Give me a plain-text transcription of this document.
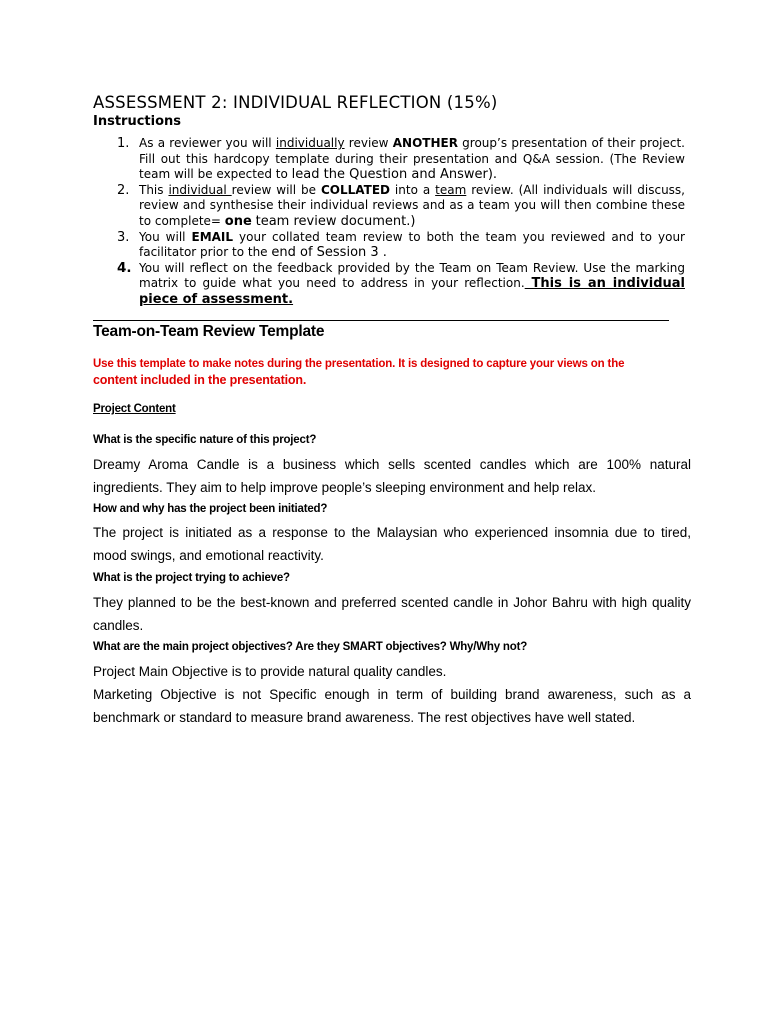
ASSESSMENT 2: INDIVIDUAL REFLECTION (15%)
Instructions
1. As a reviewer you will individually review ANOTHER group’s presentation of their project. Fill out this hardcopy template during their presentation and Q&A session. (The Review team will be expected to lead the Question and Answer).
2. This individual review will be COLLATED into a team review. (All individuals will discuss, review and synthesise their individual reviews and as a team you will then combine these to complete= one team review document.)
3. You will EMAIL your collated team review to both the team you reviewed and to your facilitator prior to the end of Session 3 .
4. You will reflect on the feedback provided by the Team on Team Review. Use the marking matrix to guide what you need to address in your reflection. This is an individual piece of assessment.
Team-on-Team Review Template
Use this template to make notes during the presentation. It is designed to capture your views on the
content included in the presentation.
Project Content
What is the specific nature of this project?
Dreamy Aroma Candle is a business which sells scented candles which are 100% natural ingredients. They aim to help improve people’s sleeping environment and help relax.
How and why has the project been initiated?
The project is initiated as a response to the Malaysian who experienced insomnia due to tired, mood swings, and emotional reactivity.
What is the project trying to achieve?
They planned to be the best-known and preferred scented candle in Johor Bahru with high quality candles.
What are the main project objectives? Are they SMART objectives? Why/Why not?
Project Main Objective is to provide natural quality candles.
Marketing Objective is not Specific enough in term of building brand awareness, such as a benchmark or standard to measure brand awareness. The rest objectives have well stated.
